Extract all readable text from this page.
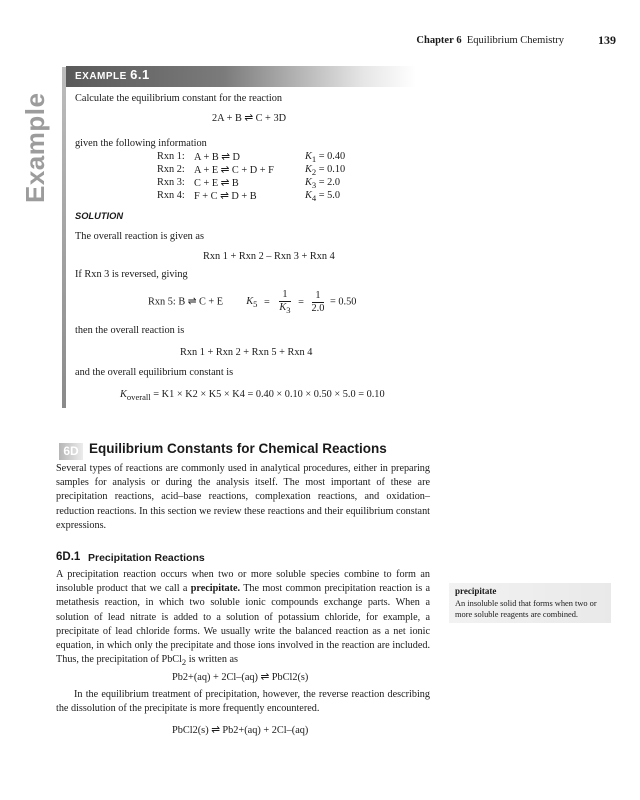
Chapter 6 Equilibrium Chemistry	139
Example
EXAMPLE 6.1
Calculate the equilibrium constant for the reaction
2A + B ⇌ C + 3D
given the following information
Rxn 1: A + B ⇌ D	$K_1 = 0.40$
Rxn 2: A + E ⇌ C + D + F	$K_2 = 0.10$
Rxn 3: C + E ⇌ B	$K_3 = 2.0$
Rxn 4: F + C ⇌ D + B	$K_4 = 5.0$
SOLUTION
The overall reaction is given as
Rxn 1 + Rxn 2 – Rxn 3 + Rxn 4
If Rxn 3 is reversed, giving
Rxn 5: B ⇌ C + E $K_5 = \frac{1}{K_3} = \frac{1}{2.0} = 0.50$
then the overall reaction is
Rxn 1 + Rxn 2 + Rxn 5 + Rxn 4
and the overall equilibrium constant is
$K_{overall} = K1 \times K2 \times K5 \times K4 = 0.40 \times 0.10 \times 0.50 \times 5.0 = 0.10$
6D Equilibrium Constants for Chemical Reactions
Several types of reactions are commonly used in analytical procedures, either in preparing samples for analysis or during the analysis itself. The most important of these are precipitation reactions, acid–base reactions, complexation reactions, and oxidation–reduction reactions. In this section we review these reactions and their equilibrium constant expressions.
6D.1 Precipitation Reactions
A precipitation reaction occurs when two or more soluble species combine to form an insoluble product that we call a precipitate. The most common precipitation reaction is a metathesis reaction, in which two soluble ionic compounds exchange parts. When a solution of lead nitrate is added to a solution of potassium chloride, for example, a precipitate of lead chloride forms. We usually write the balanced reaction as a net ionic equation, in which only the precipitate and those ions involved in the reaction are included. Thus, the precipitation of PbCl$_2$ is written as
Pb2+(aq) + 2Cl–(aq) ⇌ PbCl2(s)
In the equilibrium treatment of precipitation, however, the reverse reaction describing the dissolution of the precipitate is more frequently encountered.
PbCl2(s) ⇌ Pb2+(aq) + 2Cl–(aq)
precipitate
An insoluble solid that forms when two or more soluble reagents are combined.
